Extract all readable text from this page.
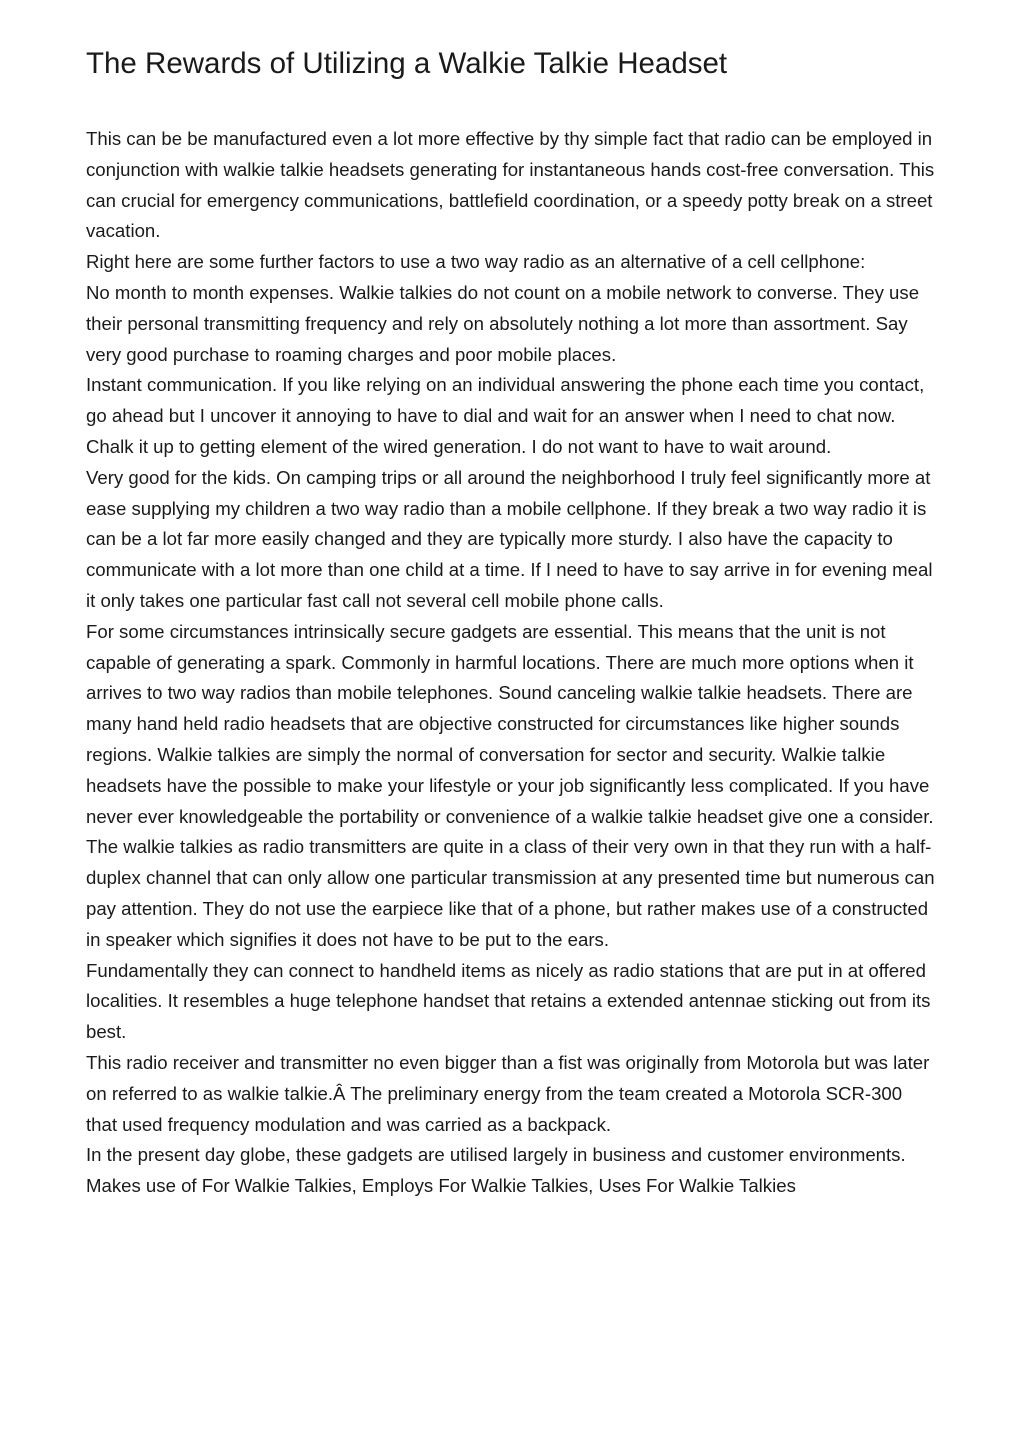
The Rewards of Utilizing a Walkie Talkie Headset

This can be be manufactured even a lot more effective by thy simple fact that radio can be employed in conjunction with walkie talkie headsets generating for instantaneous hands cost-free conversation. This can crucial for emergency communications, battlefield coordination, or a speedy potty break on a street vacation.

Right here are some further factors to use a two way radio as an alternative of a cell cellphone:

No month to month expenses. Walkie talkies do not count on a mobile network to converse. They use their personal transmitting frequency and rely on absolutely nothing a lot more than assortment. Say very good purchase to roaming charges and poor mobile places.

Instant communication. If you like relying on an individual answering the phone each time you contact, go ahead but I uncover it annoying to have to dial and wait for an answer when I need to chat now. Chalk it up to getting element of the wired generation. I do not want to have to wait around.

Very good for the kids. On camping trips or all around the neighborhood I truly feel significantly more at ease supplying my children a two way radio than a mobile cellphone. If they break a two way radio it is can be a lot far more easily changed and they are typically more sturdy. I also have the capacity to communicate with a lot more than one child at a time. If I need to have to say arrive in for evening meal it only takes one particular fast call not several cell mobile phone calls.

For some circumstances intrinsically secure gadgets are essential. This means that the unit is not capable of generating a spark. Commonly in harmful locations. There are much more options when it arrives to two way radios than mobile telephones. Sound canceling walkie talkie headsets. There are many hand held radio headsets that are objective constructed for circumstances like higher sounds regions. Walkie talkies are simply the normal of conversation for sector and security. Walkie talkie headsets have the possible to make your lifestyle or your job significantly less complicated. If you have never ever knowledgeable the portability or convenience of a walkie talkie headset give one a consider.

The walkie talkies as radio transmitters are quite in a class of their very own in that they run with a half-duplex channel that can only allow one particular transmission at any presented time but numerous can pay attention. They do not use the earpiece like that of a phone, but rather makes use of a constructed in speaker which signifies it does not have to be put to the ears.

Fundamentally they can connect to handheld items as nicely as radio stations that are put in at offered localities. It resembles a huge telephone handset that retains a extended antennae sticking out from its best.

This radio receiver and transmitter no even bigger than a fist was originally from Motorola but was later on referred to as walkie talkie.Â The preliminary energy from the team created a Motorola SCR-300 that used frequency modulation and was carried as a backpack.

In the present day globe, these gadgets are utilised largely in business and customer environments. Makes use of For Walkie Talkies, Employs For Walkie Talkies, Uses For Walkie Talkies
